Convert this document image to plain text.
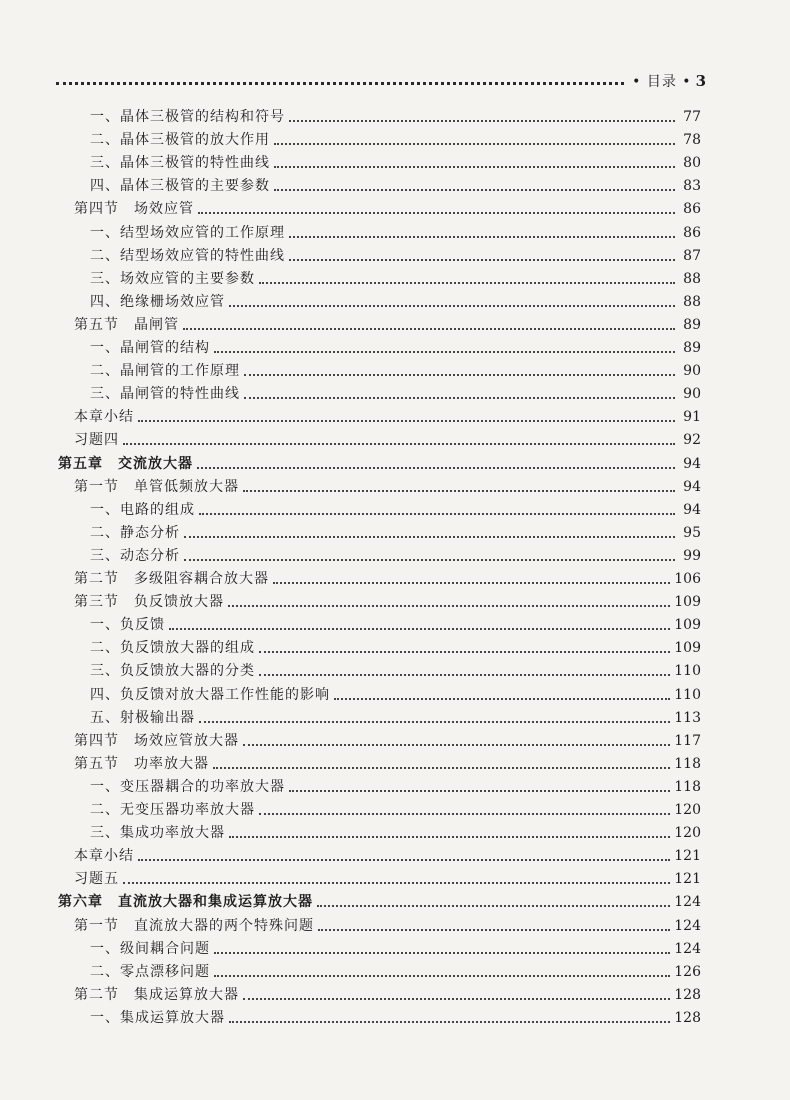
• 目录 • 3
一、晶体三极管的结构和符号	77
二、晶体三极管的放大作用	78
三、晶体三极管的特性曲线	80
四、晶体三极管的主要参数	83
第四节　场效应管	86
一、结型场效应管的工作原理	86
二、结型场效应管的特性曲线	87
三、场效应管的主要参数	88
四、绝缘栅场效应管	88
第五节　晶闸管	89
一、晶闸管的结构	89
二、晶闸管的工作原理	90
三、晶闸管的特性曲线	90
本章小结	91
习题四	92
第五章　交流放大器	94
第一节　单管低频放大器	94
一、电路的组成	94
二、静态分析	95
三、动态分析	99
第二节　多级阻容耦合放大器	106
第三节　负反馈放大器	109
一、负反馈	109
二、负反馈放大器的组成	109
三、负反馈放大器的分类	110
四、负反馈对放大器工作性能的影响	110
五、射极输出器	113
第四节　场效应管放大器	117
第五节　功率放大器	118
一、变压器耦合的功率放大器	118
二、无变压器功率放大器	120
三、集成功率放大器	120
本章小结	121
习题五	121
第六章　直流放大器和集成运算放大器	124
第一节　直流放大器的两个特殊问题	124
一、级间耦合问题	124
二、零点漂移问题	126
第二节　集成运算放大器	128
一、集成运算放大器	128
